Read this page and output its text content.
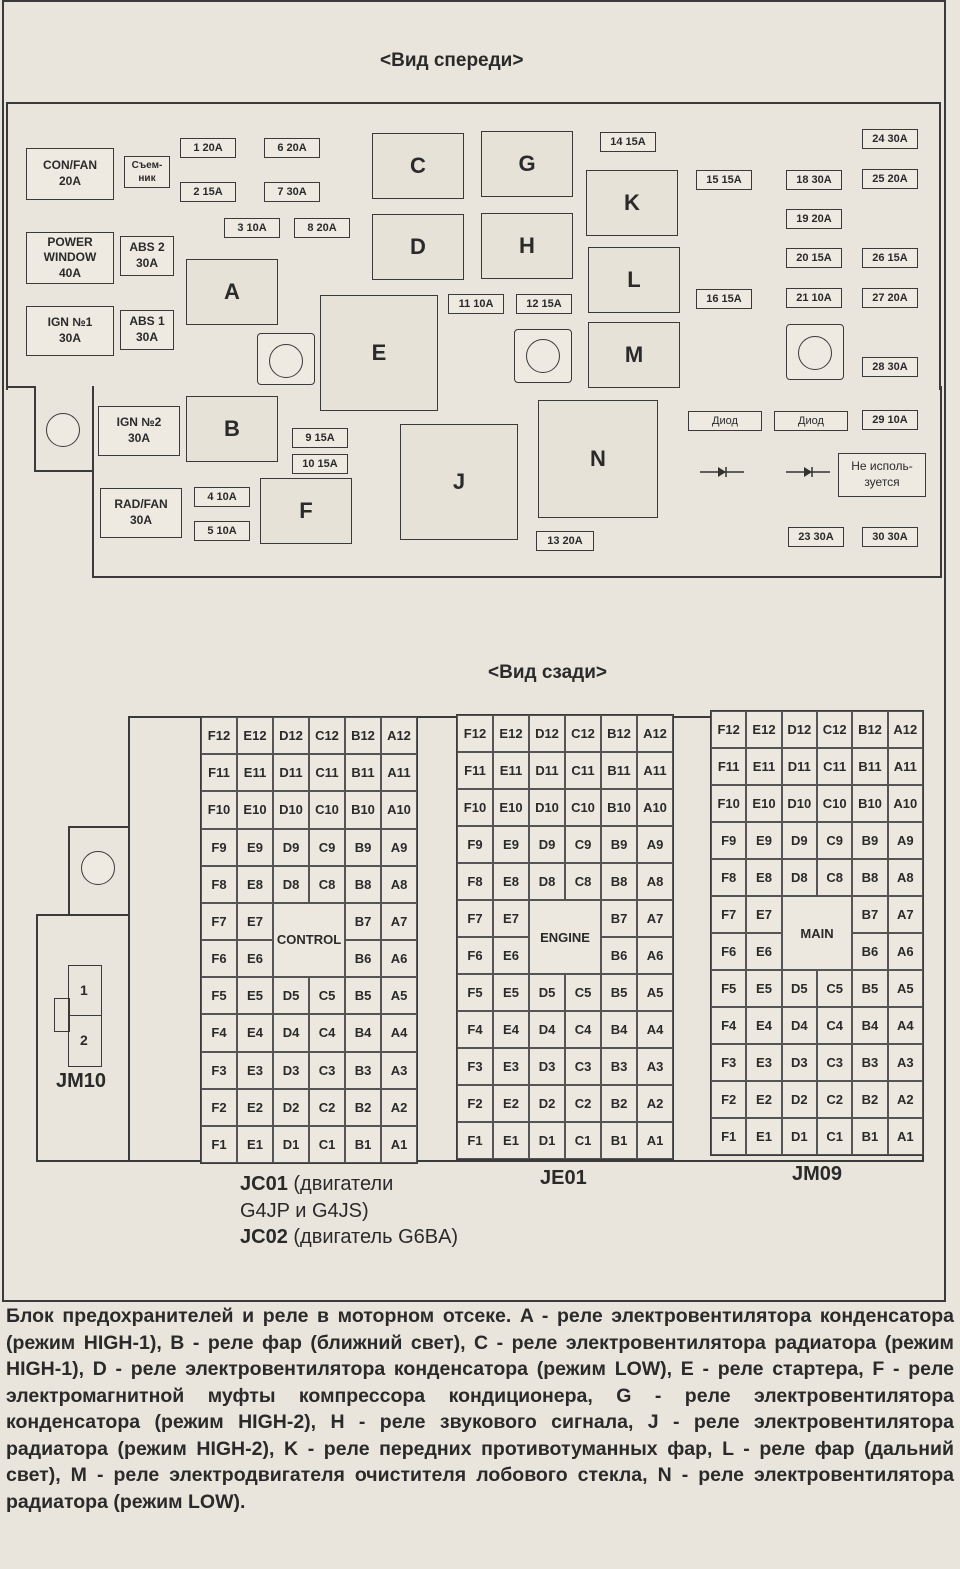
<Вид спереди>
CON/FAN
20A
Съем-ник
POWER WINDOW
40A
ABS 2
30A
IGN №1
30A
ABS 1
30A
IGN №2
30A
RAD/FAN
30A
1 20A
2 15A
3 10A
6 20A
7 30A
8 20A
4 10A
5 10A
9 15A
10 15A
11 10A	12 15A
13 20A
14 15A
15 15A
16 15A
18 30A
19 20A
20 15A
21 10A
24 30A
25 20A
26 15A
27 20A
28 30A
29 10A
23 30A	30 30A
A
B
C
D
E
F
G
H
J
K
L
M
N
Диод	Диод
Не исполь-зуется
<Вид сзади>
1
2
JM10
F12	E12 D12 C12 B12 A12
F11	E11	D11 C11 B11 A11
F10	E10 D10 C10 B10 A10
F9	E9	D9	C9	B9	A9
F8	E8	D8	C8	B8	A8
F7	E7	B7	A7
F6	E6	B6	A6
F5	E5	D5	C5	B5	A5
F4	E4	D4	C4	B4	A4
F3	E3	D3	C3	B3	A3
F2	E2	D2	C2	B2	A2
F1	E1	D1	C1	B1	A1
CONTROL
F12	E12 D12 C12 B12 A12
F11	E11	D11 C11 B11 A11
F10	E10 D10 C10 B10 A10
F9	E9	D9	C9	B9	A9
F8	E8	D8	C8	B8	A8
F7	E7	B7	A7
F6	E6	B6	A6
F5	E5	D5	C5	B5	A5
F4	E4	D4	C4	B4	A4
F3	E3	D3	C3	B3	A3
F2	E2	D2	C2	B2	A2
F1	E1	D1	C1	B1	A1
ENGINE
F12 E12 D12 C12 B12 A12
F11	E11 D11 C11 B11 A11
F10 E10 D10 C10 B10 A10
F9	E9	D9	C9	B9	A9
F8	E8	D8	C8	B8	A8
F7	E7	B7	A7
F6	E6	B6	A6
F5	E5	D5	C5	B5	A5
F4	E4	D4	C4	B4	A4
F3	E3	D3	C3	B3	A3
F2	E2	D2	C2	B2	A2
F1	E1	D1	C1	B1	A1
MAIN
JC01 (двигатели
G4JP и G4JS)
JC02 (двигатель G6BA)
JE01	JM09
Блок предохранителей и реле в моторном отсеке. A - реле электровентилятора конденсатора (режим HIGH-1), B - реле фар (ближний свет), C - реле электровентилятора радиатора (режим HIGH-1), D - реле электровентилятора конденсатора (режим LOW), E - реле стартера, F - реле электромагнитной муфты компрессора кондиционера, G - реле электровентилятора конденсатора (режим HIGH-2), H - реле звукового сигнала, J - реле электровентилятора радиатора (режим HIGH-2), K - реле передних противотуманных фар, L - реле фар (дальний свет), M - реле электродвигателя очистителя лобового стекла, N - реле электровентилятора радиатора (режим LOW).
